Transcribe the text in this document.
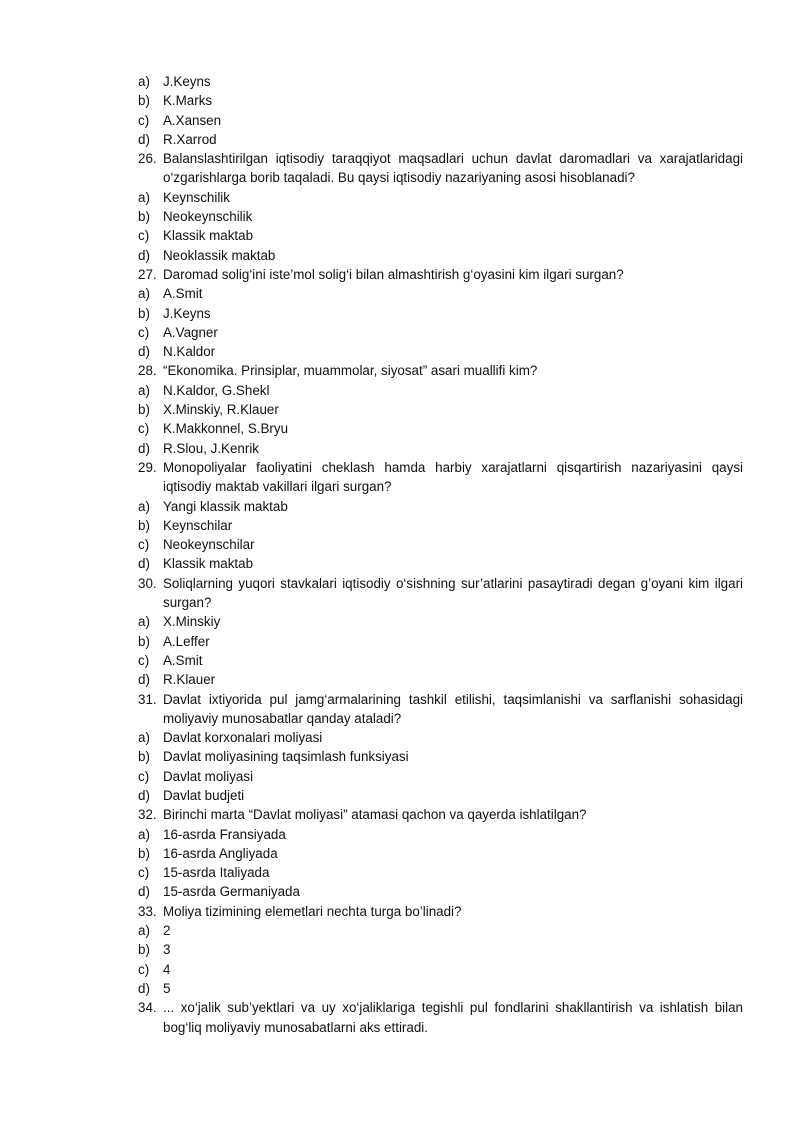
a) J.Keyns
b) K.Marks
c)	A.Xansen
d) R.Xarrod
26. Balanslashtirilgan iqtisodiy taraqqiyot maqsadlari uchun davlat daromadlari va xarajatlaridagi o‘zgarishlarga borib taqaladi. Bu qaysi iqtisodiy nazariyaning asosi hisoblanadi?
a) Keynschilik
b) Neokeynschilik
c)	Klassik maktab
d) Neoklassik maktab
27. Daromad solig‘ini iste’mol solig‘i bilan almashtirish g‘oyasini kim ilgari surgan?
a) A.Smit
b) J.Keyns
c)	A.Vagner
d) N.Kaldor
28. “Ekonomika. Prinsiplar, muammolar, siyosat” asari muallifi kim?
a) N.Kaldor, G.Shekl
b) X.Minskiy, R.Klauer
c)	K.Makkonnel, S.Bryu
d) R.Slou, J.Kenrik
29. Monopoliyalar faoliyatini cheklash hamda harbiy xarajatlarni qisqartirish nazariyasini qaysi iqtisodiy maktab vakillari ilgari surgan?
a) Yangi klassik maktab
b) Keynschilar
c)	Neokeynschilar
d) Klassik maktab
30. Soliqlarning yuqori stavkalari iqtisodiy o‘sishning sur’atlarini pasaytiradi degan g’oyani kim ilgari surgan?
a) X.Minskiy
b) A.Leffer
c)	A.Smit
d) R.Klauer
31. Davlat ixtiyorida pul jamg‘armalarining tashkil etilishi, taqsimlanishi va sarflanishi sohasidagi moliyaviy munosabatlar qanday ataladi?
a) Davlat korxonalari moliyasi
b) Davlat moliyasining taqsimlash funksiyasi
c)	Davlat moliyasi
d) Davlat budjeti
32. Birinchi marta “Davlat moliyasi” atamasi qachon va qayerda ishlatilgan?
a) 16-asrda Fransiyada
b) 16-asrda Angliyada
c)	15-asrda Italiyada
d) 15-asrda Germaniyada
33. Moliya tizimining elemetlari nechta turga bo’linadi?
a) 2
b) 3
c)	4
d) 5
34. ... xo‘jalik sub’yektlari va uy xo‘jaliklariga tegishli pul fondlarini shakllantirish va ishlatish bilan bog‘liq moliyaviy munosabatlarni aks ettiradi.
